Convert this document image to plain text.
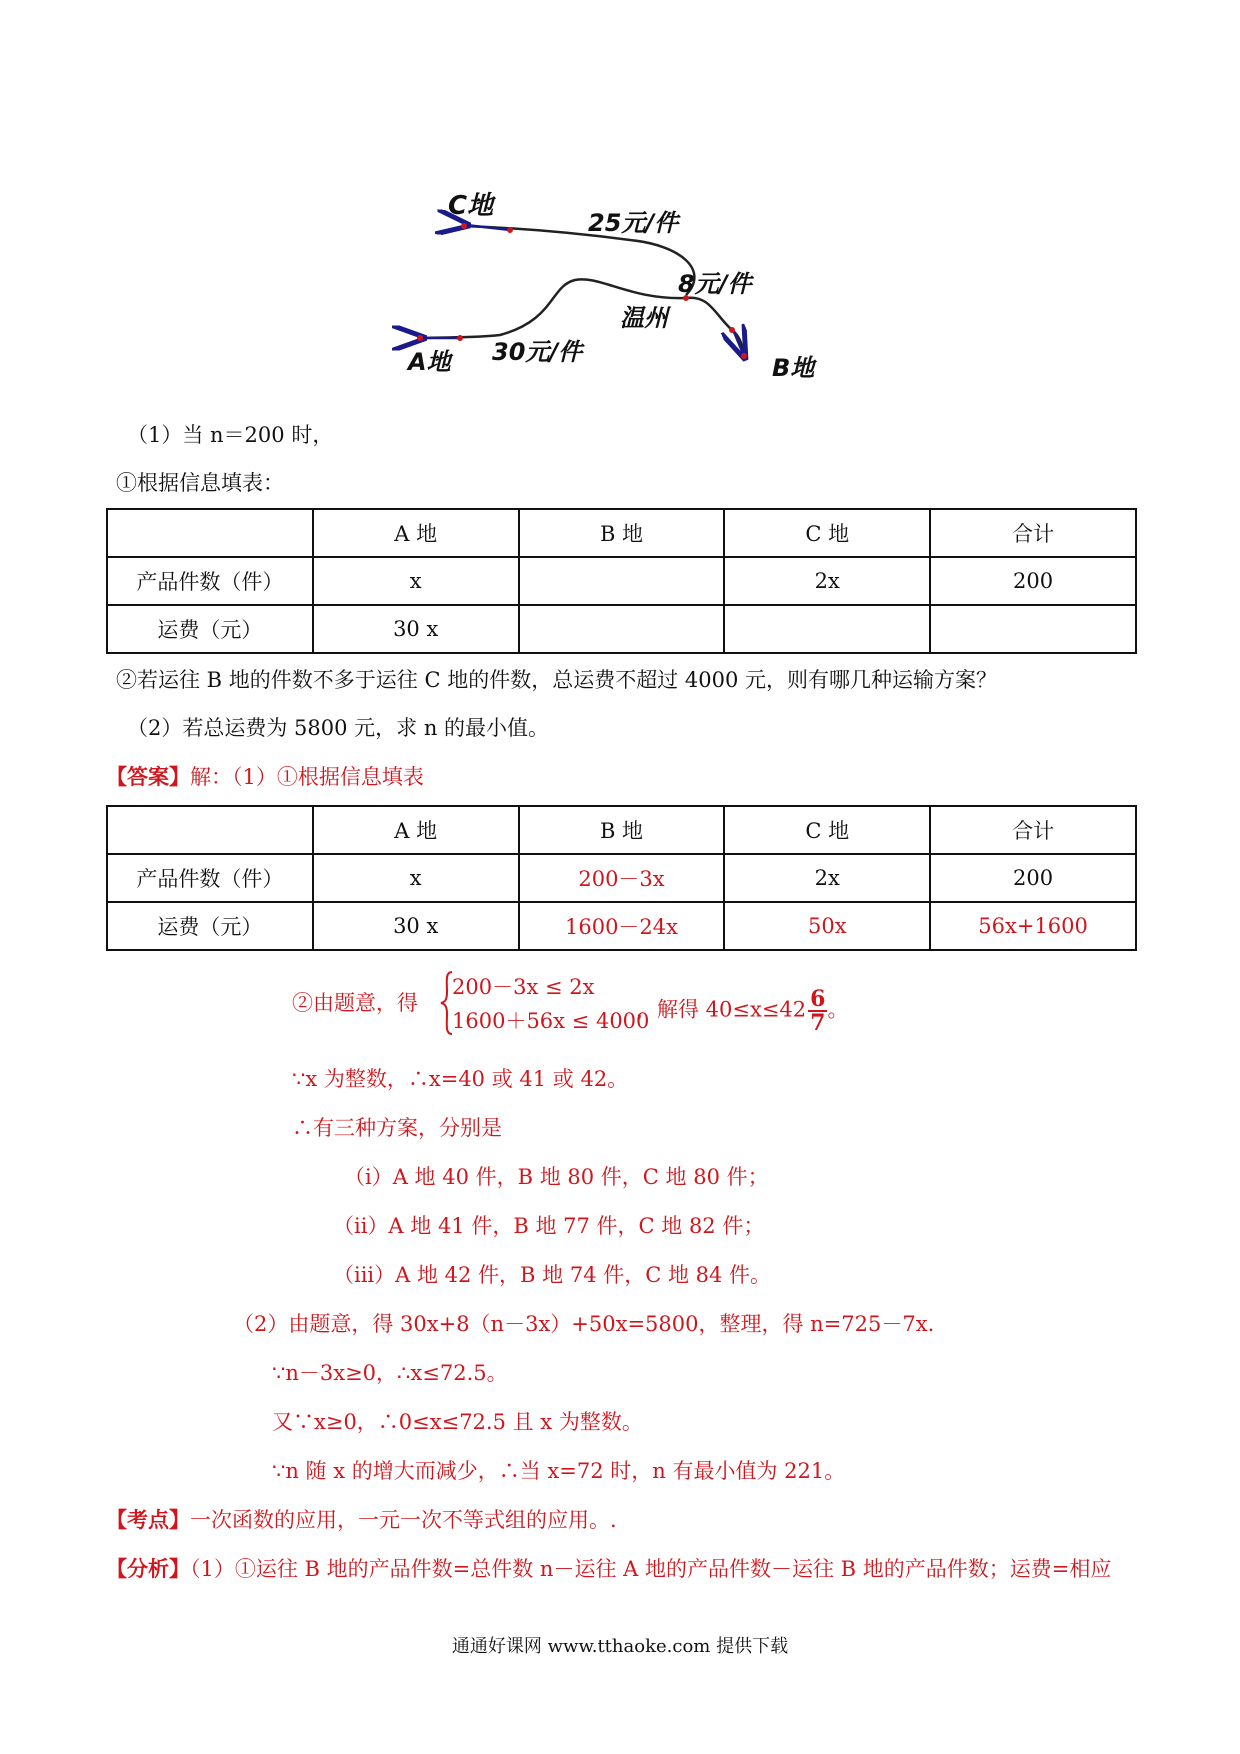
C地
25元/件
8元/件
温州
30元/件
A地	B地
（1）当 n＝200 时，
①根据信息填表：
	A 地	B 地	C 地	合计
产品件数（件）	x		2x	200
运费（元）	30 x			
②若运往 B 地的件数不多于运往 C 地的件数，总运费不超过 4000 元，则有哪几种运输方案？
（2）若总运费为 5800 元，求 n 的最小值。
【答案】解：（1）①根据信息填表
	A 地	B 地	C 地	合计
产品件数（件）	x	200－3x	2x	200
运费（元）	30 x	1600－24x	50x	56x+1600
②由题意，得
200－3x ≤ 2x
1600＋56x ≤ 4000
，解得 $40\le x\le 42 \frac{6}{7}$ 。
∵x 为整数，∴x=40 或 41 或 42。
∴有三种方案，分别是
（i）A 地 40 件，B 地 80 件，C 地 80 件；
（ii）A 地 41 件，B 地 77 件，C 地 82 件；
（iii）A 地 42 件，B 地 74 件，C 地 84 件。
（2）由题意，得 30x+8（n－3x）+50x=5800，整理，得 n=725－7x.
∵n－3x≥0，∴x≤72.5。
又∵x≥0，∴0≤x≤72.5 且 x 为整数。
∵n 随 x 的增大而减少，∴当 x=72 时，n 有最小值为 221。
【考点】一次函数的应用，一元一次不等式组的应用。.
【分析】（1）①运往 B 地的产品件数=总件数 n－运往 A 地的产品件数－运往 B 地的产品件数；运费=相应
通通好课网 www.tthaoke.com 提供下载
